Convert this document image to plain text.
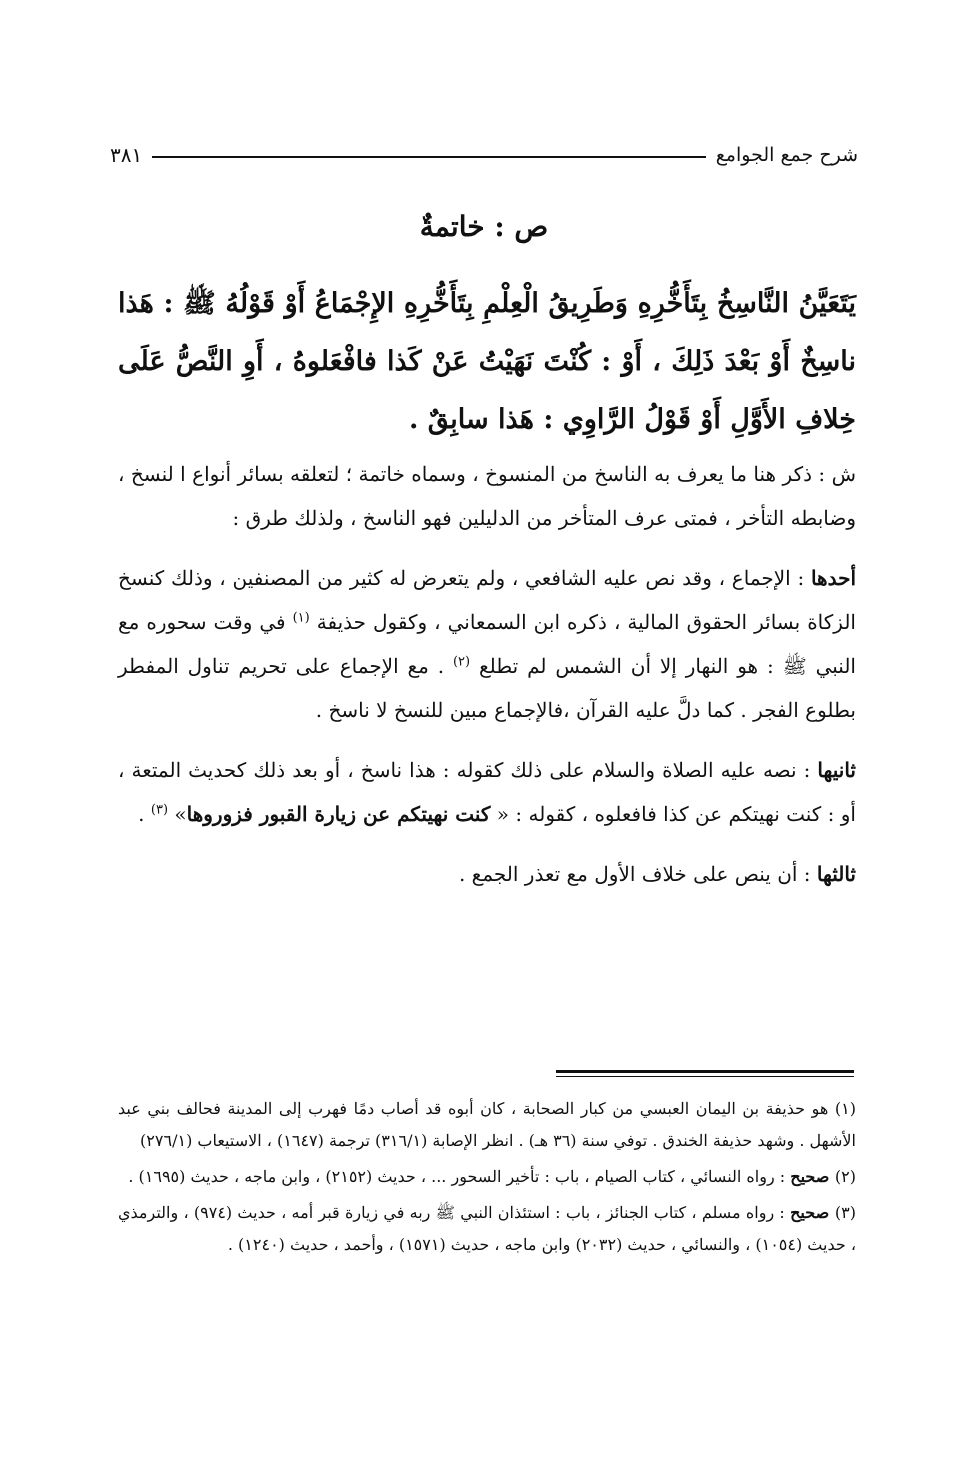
شرح جمع الجوامع
٣٨١
ص : خاتمةٌ
يَتَعَيَّنُ النَّاسِخُ بِتَأَخُّرِهِ وَطَرِيقُ الْعِلْمِ بِتَأَخُّرِهِ الإِجْمَاعُ أَوْ قَوْلُهُ ﷺ : هَذا ناسِخٌ أَوْ بَعْدَ ذَلِكَ ، أَوْ : كُنْتَ نَهَيْتُ عَنْ كَذا فافْعَلوهُ ، أَوِ النَّصُّ عَلَى خِلافِ الأَوَّلِ أَوْ قَوْلُ الرَّاوِي : هَذا سابِقٌ .

ش : ذكر هنا ما يعرف به الناسخ من المنسوخ ، وسماه خاتمة ؛ لتعلقه بسائر أنواع ا لنسخ ، وضابطه التأخر ، فمتى عرف المتأخر من الدليلين فهو الناسخ ، ولذلك طرق :

أحدها : الإجماع ، وقد نص عليه الشافعي ، ولم يتعرض له كثير من المصنفين ، وذلك كنسخ الزكاة بسائر الحقوق المالية ، ذكره ابن السمعاني ، وكقول حذيفة $^{(١)}$ في وقت سحوره مع النبي ﷺ : هو النهار إلا أن الشمس لم تطلع $^{(٢)}$ . مع الإجماع على تحريم تناول المفطر بطلوع الفجر . كما دلَّ عليه القرآن ،فالإجماع مبين للنسخ لا ناسخ .

ثانيها : نصه عليه الصلاة والسلام على ذلك كقوله : هذا ناسخ ، أو بعد ذلك كحديث المتعة ، أو : كنت نهيتكم عن كذا فافعلوه ، كقوله : « كنت نهيتكم عن زيارة القبور فزوروها» $^{(٣)}$ .

ثالثها : أن ينص على خلاف الأول مع تعذر الجمع .

(١) هو حذيفة بن اليمان العبسي من كبار الصحابة ، كان أبوه قد أصاب دمًا فهرب إلى المدينة فحالف بني عبد الأشهل . وشهد حذيفة الخندق . توفي سنة (٣٦ هـ) . انظر الإصابة (٣١٦/١) ترجمة (١٦٤٧) ، الاستيعاب (٢٧٦/١)

(٢) صحيح : رواه النسائي ، كتاب الصيام ، باب : تأخير السحور ... ، حديث (٢١٥٢) ، وابن ماجه ، حديث (١٦٩٥) .

(٣) صحيح : رواه مسلم ، كتاب الجنائز ، باب : استئذان النبي ﷺ ربه في زيارة قبر أمه ، حديث (٩٧٤) ، والترمذي ، حديث (١٠٥٤) ، والنسائي ، حديث (٢٠٣٢) وابن ماجه ، حديث (١٥٧١) ، وأحمد ، حديث (١٢٤٠) .
